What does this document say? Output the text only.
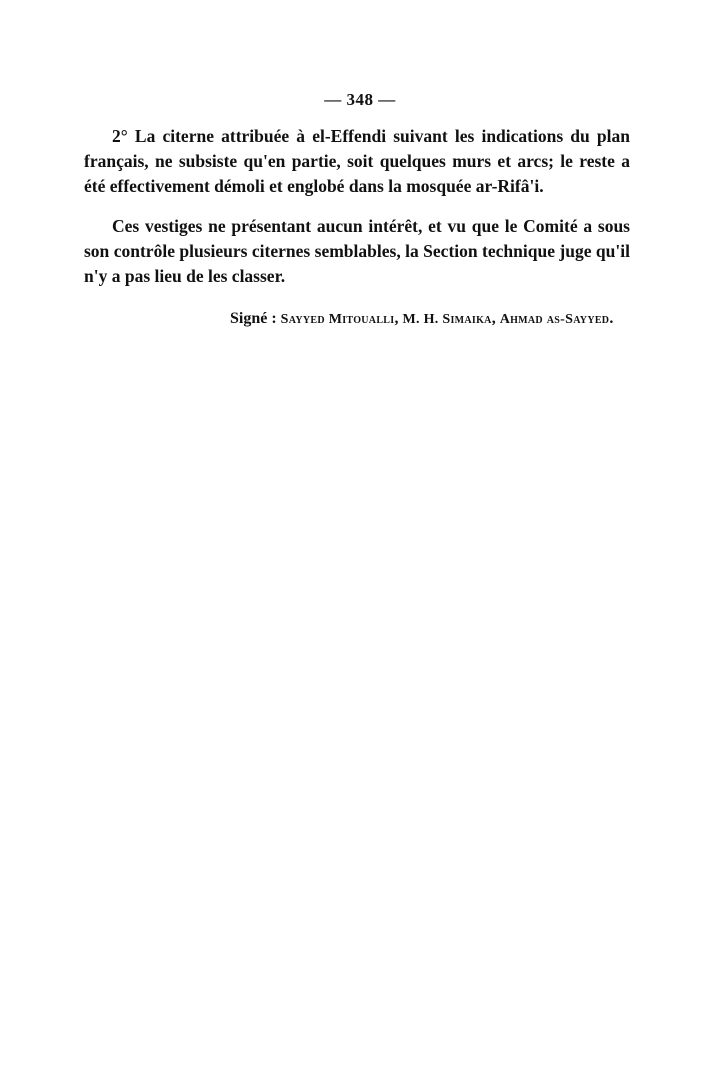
— 348 —

2° La citerne attribuée à el-Effendi suivant les indications du plan français, ne subsiste qu'en partie, soit quelques murs et arcs; le reste a été effectivement démoli et englobé dans la mosquée ar-Rifâ'i.

Ces vestiges ne présentant aucun intérêt, et vu que le Comité a sous son contrôle plusieurs citernes semblables, la Section technique juge qu'il n'y a pas lieu de les classer.

Signé : Sayyed Mitoualli, M. H. Simaika, Ahmad as-Sayyed.
